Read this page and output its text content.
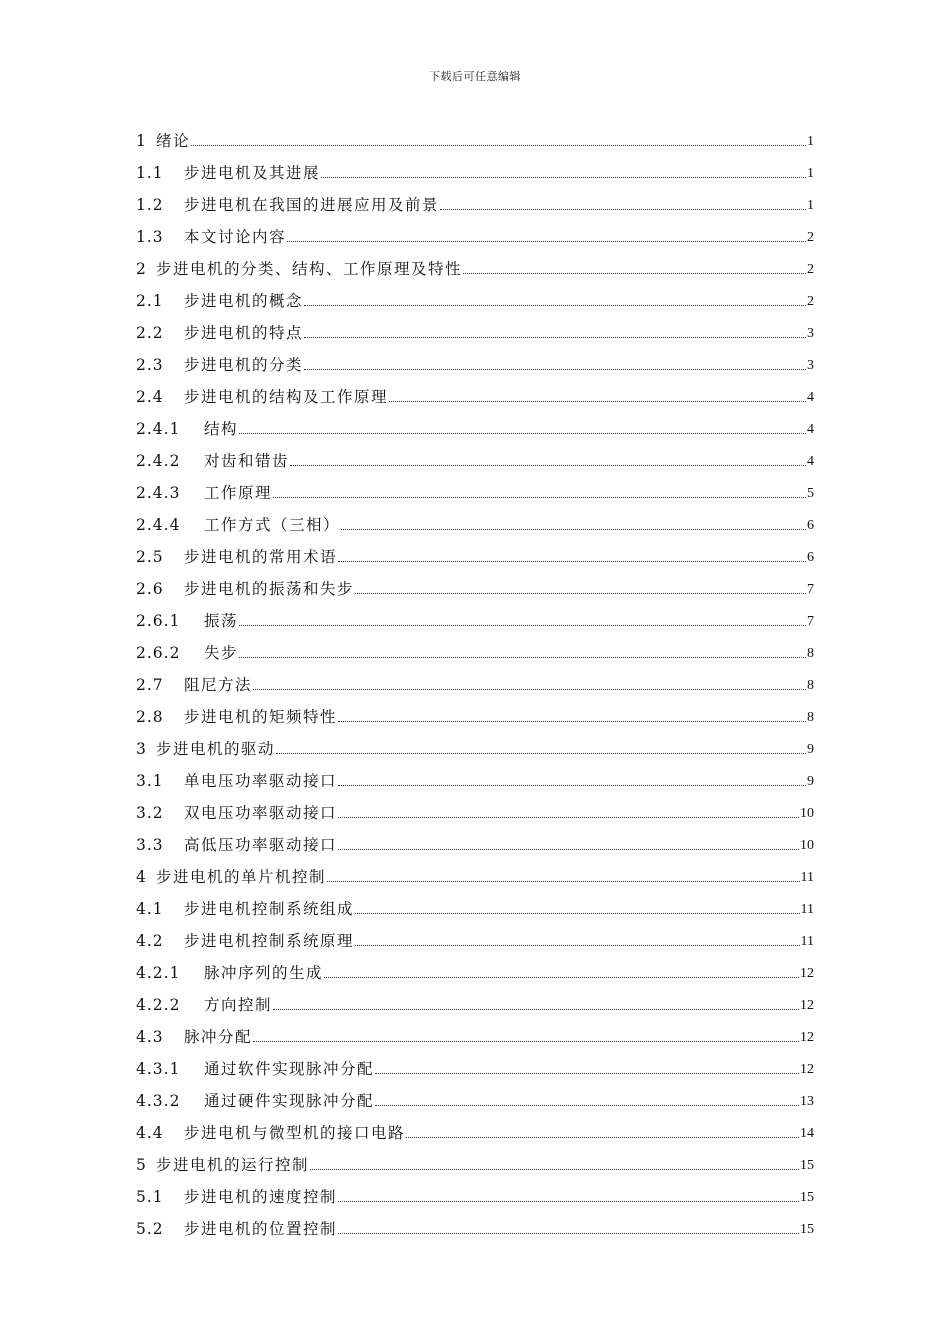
下载后可任意编辑
1 绪论	1
1.1	步进电机及其进展	1
1.2	步进电机在我国的进展应用及前景	1
1.3	本文讨论内容	2
2 步进电机的分类、结构、工作原理及特性	2
2.1	步进电机的概念	2
2.2	步进电机的特点	3
2.3	步进电机的分类	3
2.4	步进电机的结构及工作原理	4
2.4.1	结构	4
2.4.2	对齿和错齿	4
2.4.3	工作原理	5
2.4.4	工作方式（三相）	6
2.5	步进电机的常用术语	6
2.6	步进电机的振荡和失步	7
2.6.1	振荡	7
2.6.2	失步	8
2.7	阻尼方法	8
2.8	步进电机的矩频特性	8
3 步进电机的驱动	9
3.1	单电压功率驱动接口	9
3.2	双电压功率驱动接口	10
3.3	高低压功率驱动接口	10
4 步进电机的单片机控制	11
4.1	步进电机控制系统组成	11
4.2	步进电机控制系统原理	11
4.2.1	脉冲序列的生成	12
4.2.2	方向控制	12
4.3	脉冲分配	12
4.3.1	通过软件实现脉冲分配	12
4.3.2	通过硬件实现脉冲分配	13
4.4	步进电机与微型机的接口电路	14
5 步进电机的运行控制	15
5.1	步进电机的速度控制	15
5.2	步进电机的位置控制	15
